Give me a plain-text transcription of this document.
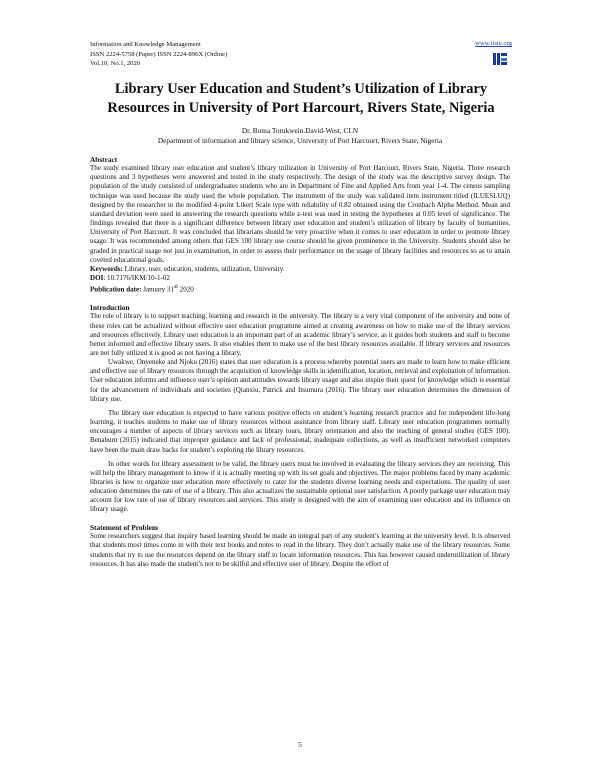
Information and Knowledge Management
ISSN 2224-5758 (Paper) ISSN 2224-896X (Online)
Vol.10, No.1, 2020
www.iiste.org
Library User Education and Student’s Utilization of Library
Resources in University of Port Harcourt, Rivers State, Nigeria
Dr. Boma Torukwein.David-West, CLN
Department of information and library science, University of Port Harcourt, Rivers State, Nigeria
Abstract

The study examined library user education and student’s library utilization in University of Port Harcourt, Rivers State, Nigeria. Three research questions and 3 hypotheses were answered and tested in the study respectively. The design of the study was the descriptive survey design. The population of the study consisted of undergraduates students who are in Department of Fine and Applied Arts from year 1-4. The census sampling technique was used because the study used the whole population. The instrument of the study was validated item instrument titled (ILUESLUQ) designed by the researcher in the modified 4-point Likert Scale type with reliability of 0.82 obtained using the Cronbach Alpha Method. Mean and standard deviation were used in answering the research questions while z-test was used in testing the hypotheses at 0.05 level of significance. The findings revealed that there is a significant difference between library user education and student’s utilization of library by faculty of humanities, University of Port Harcourt. It was concluded that librarians should be very proactive when it comes to user education in order to promote library usage. It was recommended among others that GES 100 library use course should be given prominence in the University. Students should also be graded in practical usage not just in examination, in order to assess their performance on the usage of library facilities and resources so as to attain coveted educational goals.

Keywords: Library, user, education, students, utilization, University.

DOI: 10.7176/IKM/10-1-02

Publication date: January 31st 2020

Introduction

The role of library is to support teaching, learning and research in the university. The library is a very vital component of the university and none of these roles can be actualized without effective user education programme aimed at creating awareness on how to make use of the library services and resources effectively. Library user education is an important part of an academic library’s service, as it guides both students and staff to become better informed and effective library users. It also enables them to make use of the best library resources available. If library services and resources are not fully utilized it is good as not having a library.

Uwakwe, Onyeneke and Njoku (2016) states that user education is a process whereby potential users are made to learn how to make efficient and effective use of library resources through the acquisition of knowledge skills in identification, location, retrieval and exploitation of information. User education informs and influence user’s opinion and attitudes towards library usage and also inspire their quest for knowledge which is essential for the advancement of individuals and societies (Qianxiu, Patrick and Itsumura (2016). The library user education determines the dimension of library use.

The library user education is expected to have various positive effects on student’s learning research practice and for independent life-long learning, it teaches students to make use of library resources without assistance from library staff. Library user education programmes normally encourages a number of aspects of library services such as library tours, library orientation and also the teaching of general studies (GES 100). Benaburn (2015) indicated that improper guidance and lack of professional, inadequate collections, as well as insufficient networked computers have been the main draw backs for student’s exploring the library resources.

In other words for library assessment to be valid, the library users must be involved in evaluating the library services they are receiving. This will help the library management to know if it is actually meeting up with its set goals and objectives. The major problems faced by many academic libraries is how to organize user education more effectively to cater for the students diverse learning needs and expectations. The quality of user education determines the rate of use of a library. This also actualizes the sustainable optional user satisfaction. A poorly package user education may account for low rate of use of library resources and services. This study is designed with the aim of examining user education and its influence on library usage.

Statement of Problem

Some researchers suggest that inquiry based learning should be made an integral part of any student’s learning at the university level. It is observed that students most times come in with their text books and notes to read in the library. They don’t actually make use of the library resources. Some students that try to use the resources depend on the library staff to locate information resources. This has however caused underutilization of library resources. It has also made the student’s not to be skilful and effective user of library. Despite the effort of

5
